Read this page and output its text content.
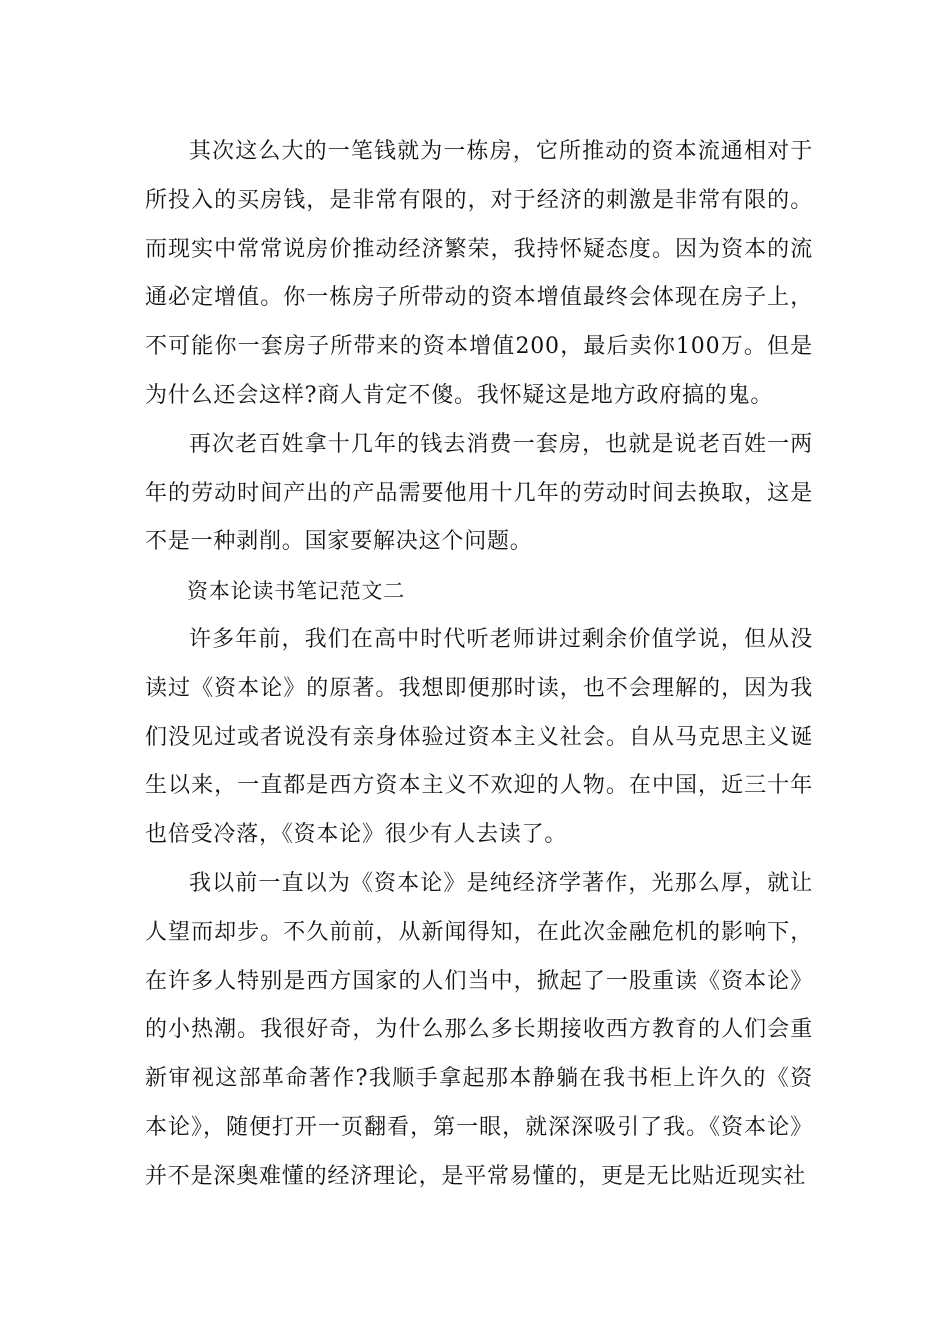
其次这么大的一笔钱就为一栋房，它所推动的资本流通相对于所投入的买房钱，是非常有限的，对于经济的刺激是非常有限的。而现实中常常说房价推动经济繁荣，我持怀疑态度。因为资本的流通必定增值。你一栋房子所带动的资本增值最终会体现在房子上，不可能你一套房子所带来的资本增值200，最后卖你100万。但是为什么还会这样?商人肯定不傻。我怀疑这是地方政府搞的鬼。

再次老百姓拿十几年的钱去消费一套房，也就是说老百姓一两年的劳动时间产出的产品需要他用十几年的劳动时间去换取，这是不是一种剥削。国家要解决这个问题。

资本论读书笔记范文二

许多年前，我们在高中时代听老师讲过剩余价值学说，但从没读过《资本论》的原著。我想即便那时读，也不会理解的，因为我们没见过或者说没有亲身体验过资本主义社会。自从马克思主义诞生以来，一直都是西方资本主义不欢迎的人物。在中国，近三十年也倍受冷落，《资本论》很少有人去读了。

我以前一直以为《资本论》是纯经济学著作，光那么厚，就让人望而却步。不久前前，从新闻得知，在此次金融危机的影响下，在许多人特别是西方国家的人们当中，掀起了一股重读《资本论》的小热潮。我很好奇，为什么那么多长期接收西方教育的人们会重新审视这部革命著作?我顺手拿起那本静躺在我书柜上许久的《资本论》，随便打开一页翻看，第一眼，就深深吸引了我。《资本论》并不是深奥难懂的经济理论，是平常易懂的，更是无比贴近现实社
